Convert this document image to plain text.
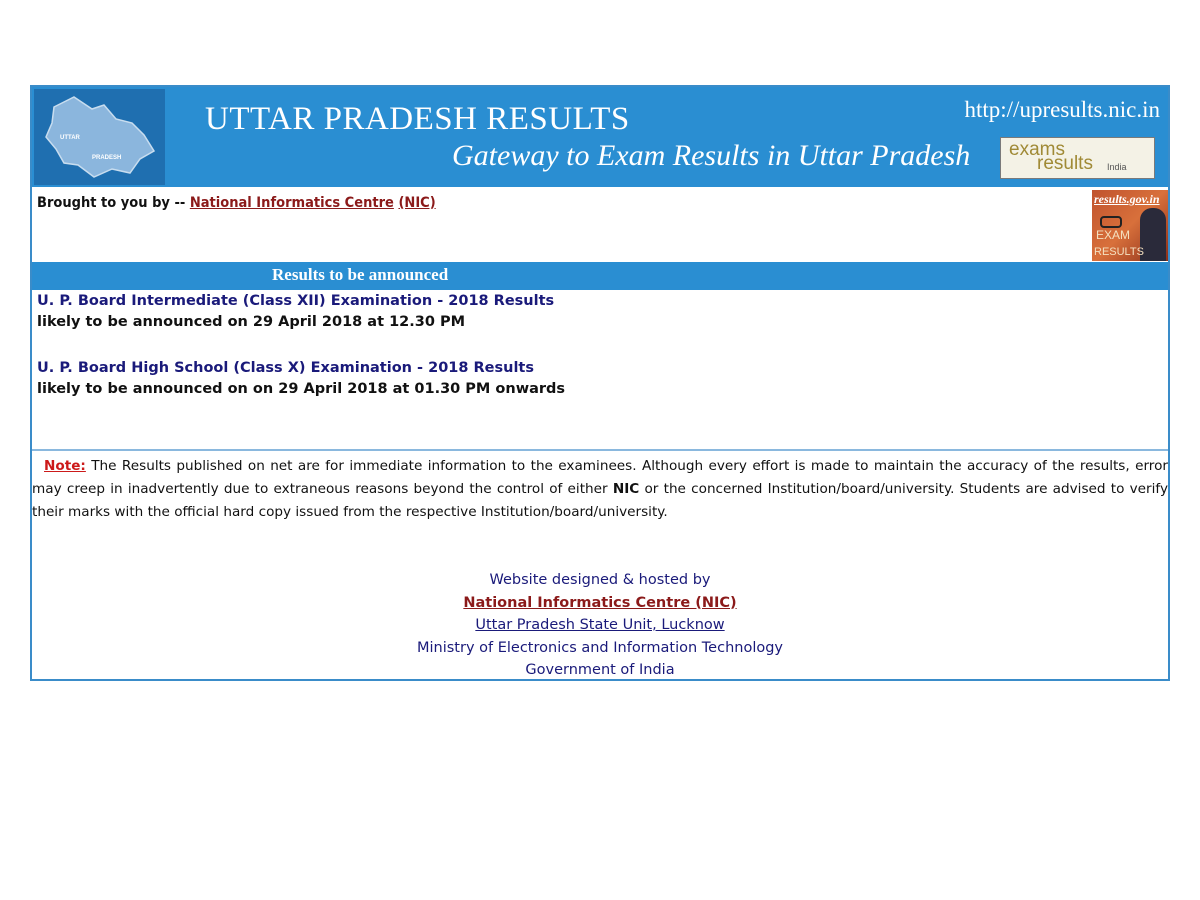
UTTAR
PRADESH
UTTAR PRADESH RESULTS
Gateway to Exam Results in Uttar Pradesh
http://upresults.nic.in
exams
results India
Brought to you by -- National Informatics Centre (NIC)	results.gov.in
EXAM
RESULTS
Results to be announced
U. P. Board Intermediate (Class XII) Examination - 2018 Results
likely to be announced on 29 April 2018 at 12.30 PM
U. P. Board High School (Class X) Examination - 2018 Results
likely to be announced on on 29 April 2018 at 01.30 PM onwards
Note: The Results published on net are for immediate information to the examinees. Although every effort is made to maintain the accuracy of the results, error may creep in inadvertently due to extraneous reasons beyond the control of either NIC or the concerned Institution/board/university. Students are advised to verify their marks with the official hard copy issued from the respective Institution/board/university.
Website designed & hosted by
National Informatics Centre (NIC)
Uttar Pradesh State Unit, Lucknow
Ministry of Electronics and Information Technology
Government of India
